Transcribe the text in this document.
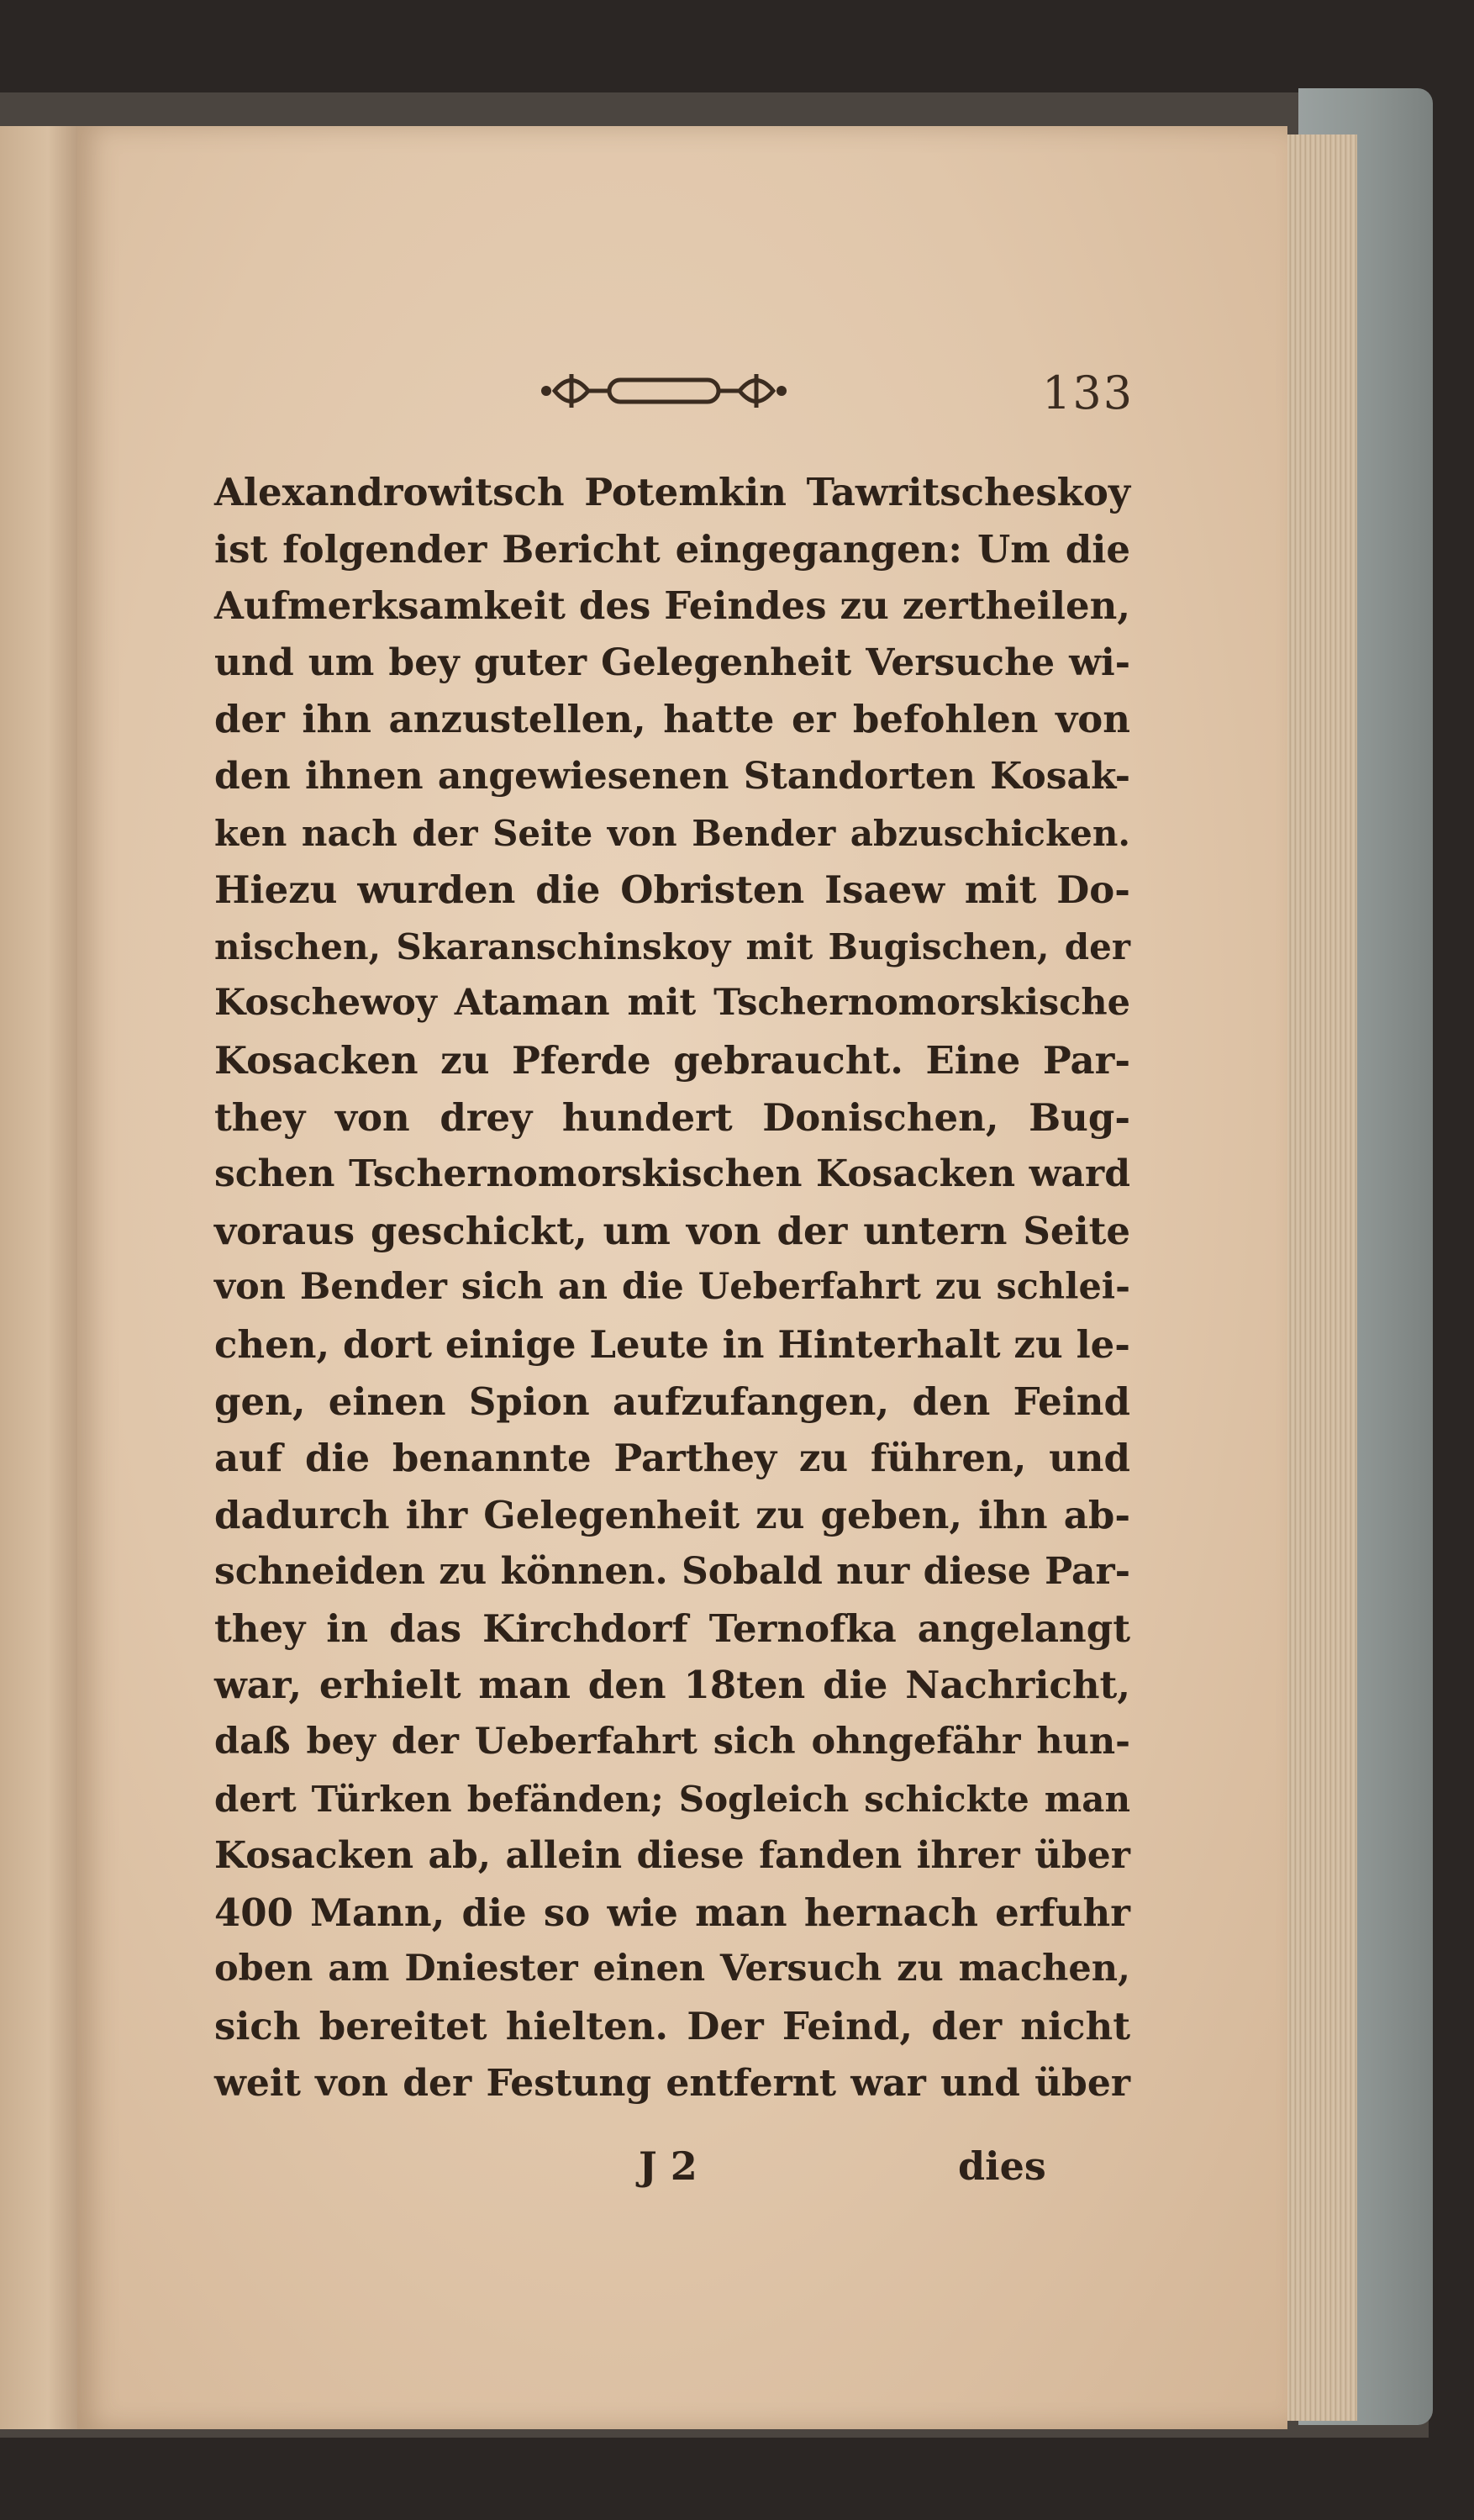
133
Alexandrowitsch Potemkin Tawritscheskoy
ist folgender Bericht eingegangen: Um die
Aufmerksamkeit des Feindes zu zertheilen,
und um bey guter Gelegenheit Versuche wi-
der ihn anzustellen, hatte er befohlen von
den ihnen angewiesenen Standorten Kosak-
ken nach der Seite von Bender abzuschicken.
Hiezu wurden die Obristen Isaew mit Do-
nischen, Skaranschinskoy mit Bugischen, der
Koschewoy Ataman mit Tschernomorskische
Kosacken zu Pferde gebraucht. Eine Par-
they von drey hundert Donischen, Bug-
schen Tschernomorskischen Kosacken ward
voraus geschickt, um von der untern Seite
von Bender sich an die Ueberfahrt zu schlei-
chen, dort einige Leute in Hinterhalt zu le-
gen, einen Spion aufzufangen, den Feind
auf die benannte Parthey zu führen, und
dadurch ihr Gelegenheit zu geben, ihn ab-
schneiden zu können. Sobald nur diese Par-
they in das Kirchdorf Ternofka angelangt
war, erhielt man den 18ten die Nachricht,
daß bey der Ueberfahrt sich ohngefähr hun-
dert Türken befänden; Sogleich schickte man
Kosacken ab, allein diese fanden ihrer über
400 Mann, die so wie man hernach erfuhr
oben am Dniester einen Versuch zu machen,
sich bereitet hielten. Der Feind, der nicht
weit von der Festung entfernt war und über
J 2	dies
